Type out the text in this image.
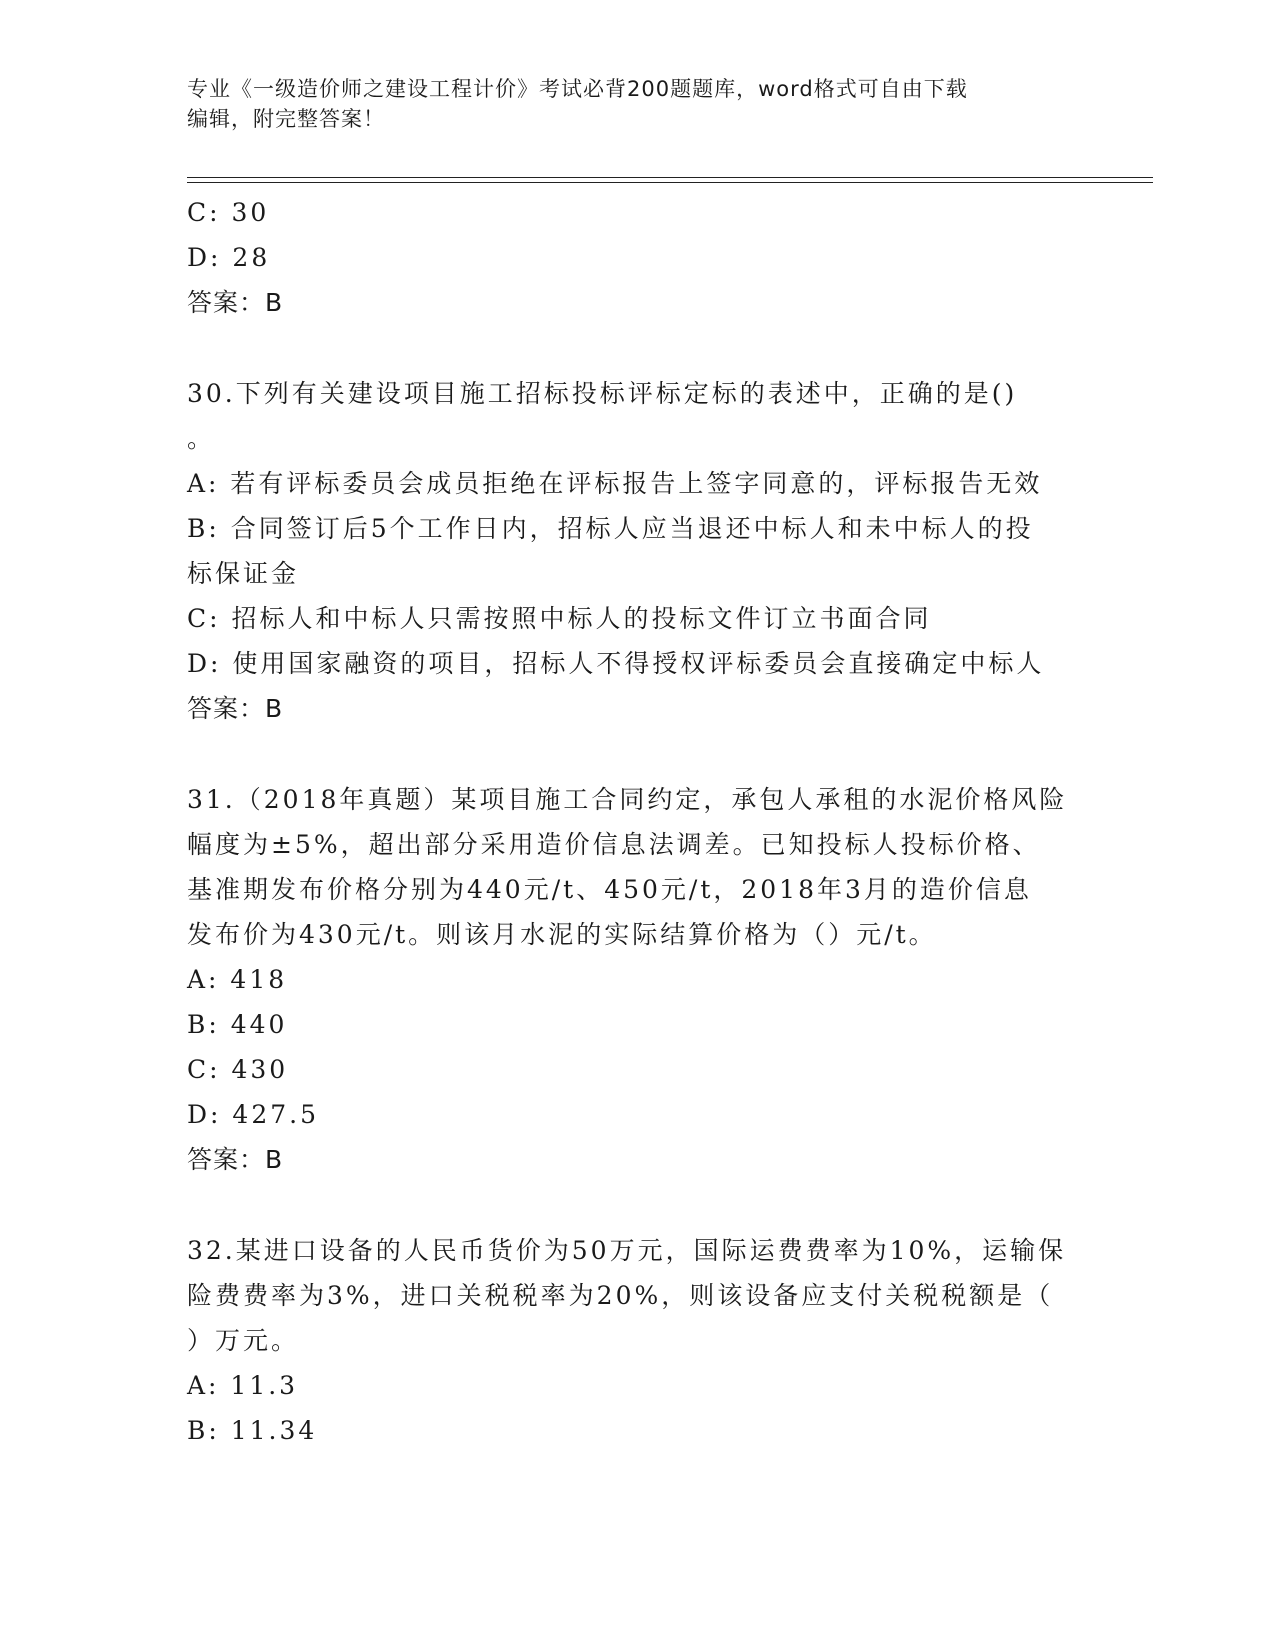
专业《一级造价师之建设工程计价》考试必背200题题库，word格式可自由下载
编辑，附完整答案！
C: 30
D: 28
答案：B
30.下列有关建设项目施工招标投标评标定标的表述中，正确的是()
。
A: 若有评标委员会成员拒绝在评标报告上签字同意的，评标报告无效
B: 合同签订后5个工作日内，招标人应当退还中标人和未中标人的投
标保证金
C: 招标人和中标人只需按照中标人的投标文件订立书面合同
D: 使用国家融资的项目，招标人不得授权评标委员会直接确定中标人
答案：B
31.（2018年真题）某项目施工合同约定，承包人承租的水泥价格风险
幅度为±5%，超出部分采用造价信息法调差。已知投标人投标价格、
基准期发布价格分别为440元/t、450元/t，2018年3月的造价信息
发布价为430元/t。则该月水泥的实际结算价格为（）元/t。
A: 418
B: 440
C: 430
D: 427.5
答案：B
32.某进口设备的人民币货价为50万元，国际运费费率为10%，运输保
险费费率为3%，进口关税税率为20%，则该设备应支付关税税额是（
）万元。
A: 11.3
B: 11.34
